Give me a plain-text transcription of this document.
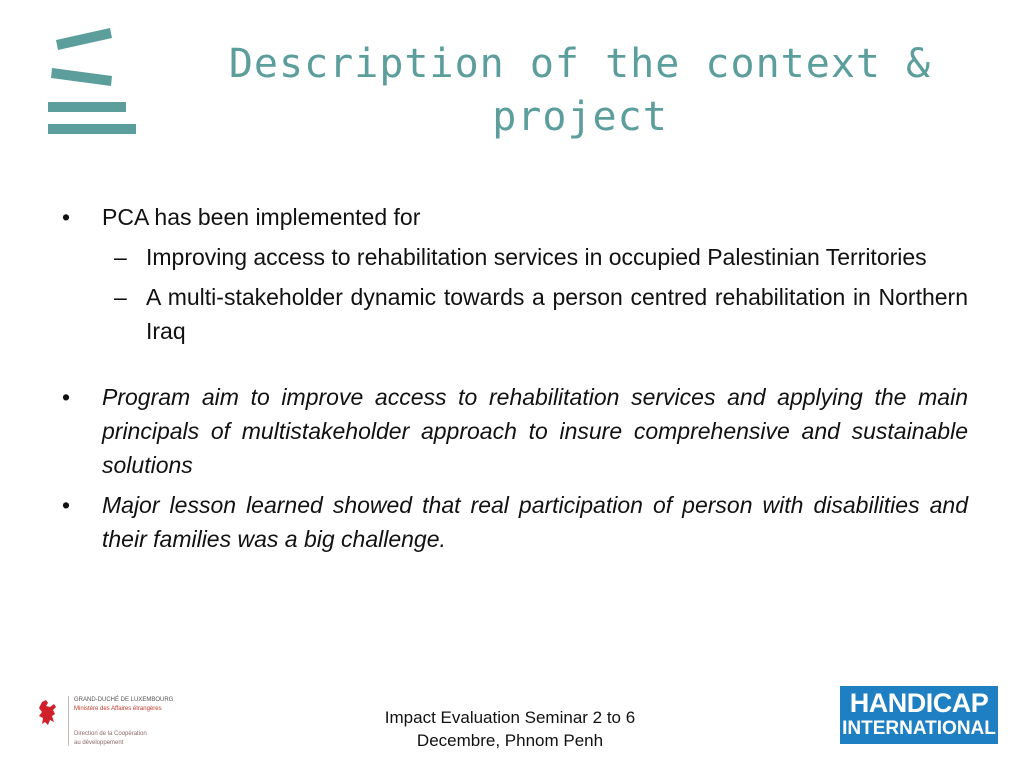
Description of the context & project
•	PCA has been implemented for
– Improving access to rehabilitation services in occupied Palestinian Territories
– A multi-stakeholder dynamic towards a person centred rehabilitation in Northern Iraq
•	Program aim to improve access to rehabilitation services and applying the main principals of multistakeholder approach to insure comprehensive and sustainable solutions
•	Major lesson learned showed that real participation of person with disabilities and their families was a big challenge.
GRAND-DUCHÉ DE LUXEMBOURG
Ministère des Affaires étrangères
Direction de la Coopération
au développement
Impact Evaluation Seminar 2 to 6
Decembre, Phnom Penh
HANDICAP
INTERNATIONAL
